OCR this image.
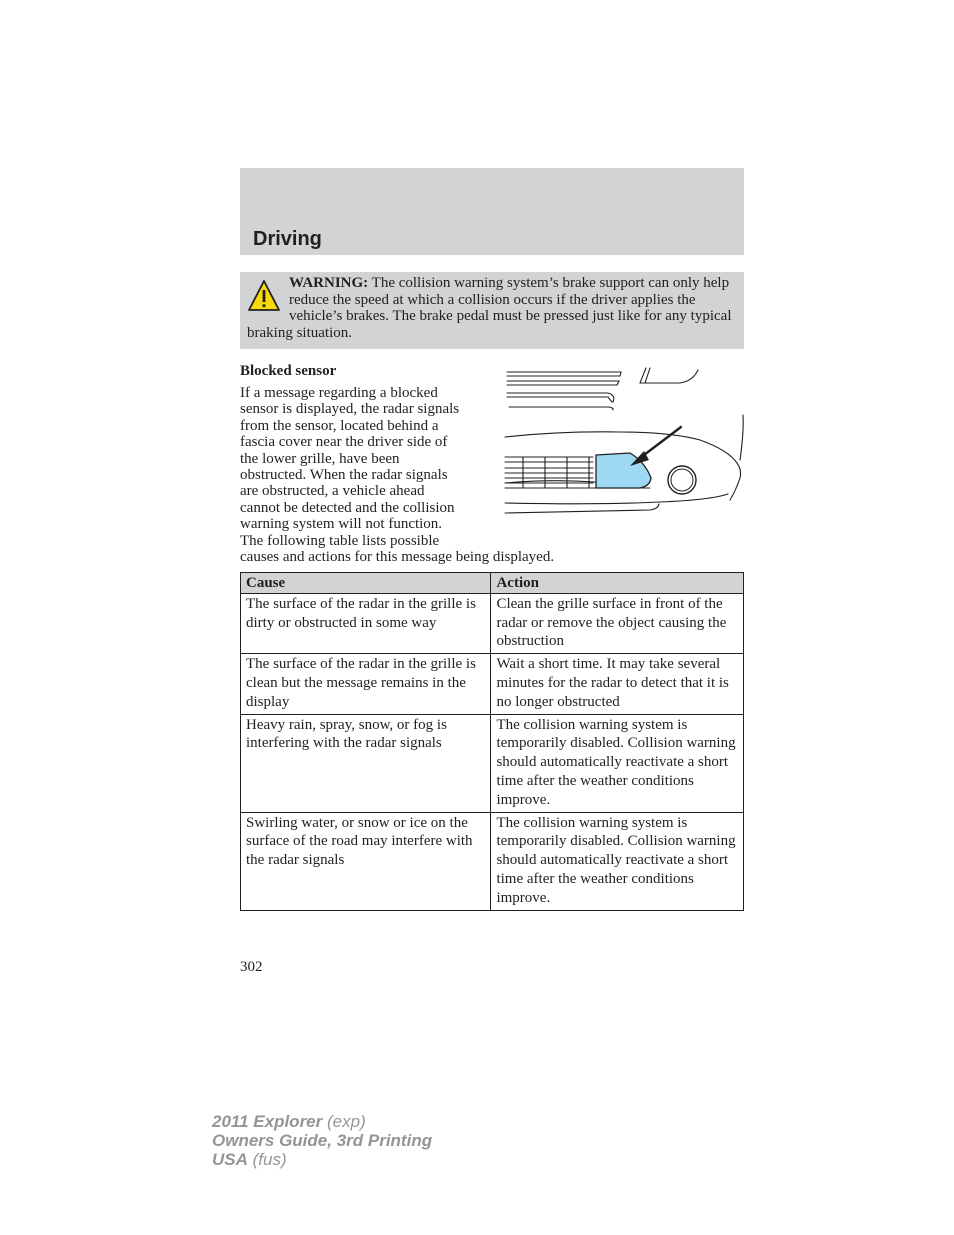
Driving
WARNING: The collision warning system’s brake support can only help reduce the speed at which a collision occurs if the driver applies the vehicle’s brakes. The brake pedal must be pressed just like for any typical braking situation.
Blocked sensor

If a message regarding a blocked
sensor is displayed, the radar signals
from the sensor, located behind a
fascia cover near the driver side of
the lower grille, have been
obstructed. When the radar signals
are obstructed, a vehicle ahead
cannot be detected and the collision
warning system will not function.
The following table lists possible
causes and actions for this message being displayed.

Cause	Action
The surface of the radar in the grille is dirty or obstructed in some way	Clean the grille surface in front of the radar or remove the object causing the obstruction
The surface of the radar in the grille is clean but the message remains in the display	Wait a short time. It may take several minutes for the radar to detect that it is no longer obstructed
Heavy rain, spray, snow, or fog is interfering with the radar signals	The collision warning system is temporarily disabled. Collision warning should automatically reactivate a short time after the weather conditions improve.
Swirling water, or snow or ice on the surface of the road may interfere with the radar signals	The collision warning system is temporarily disabled. Collision warning should automatically reactivate a short time after the weather conditions improve.
302
2011 Explorer (exp)
Owners Guide, 3rd Printing
USA (fus)
